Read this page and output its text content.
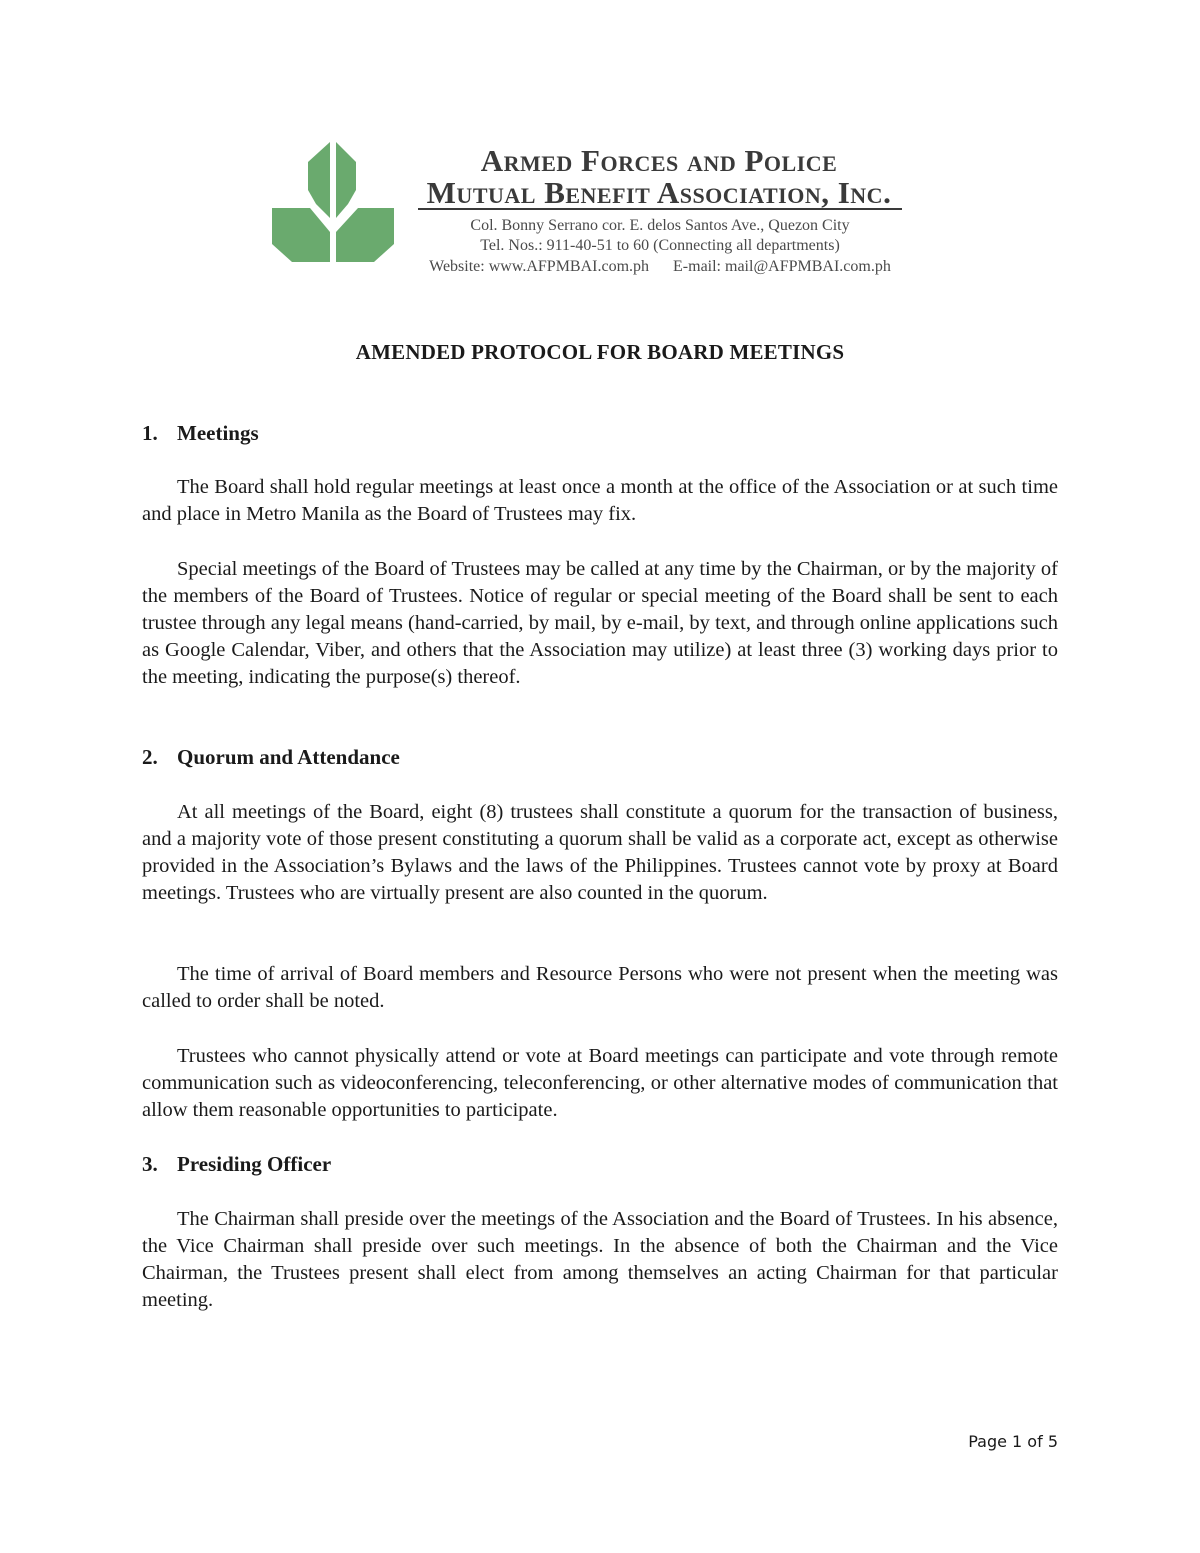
Armed Forces and Police
Mutual Benefit Association, Inc.
Col. Bonny Serrano cor. E. delos Santos Ave., Quezon City
Tel. Nos.: 911-40-51 to 60 (Connecting all departments)
Website: www.AFPMBAI.com.ph E-mail: mail@AFPMBAI.com.ph
AMENDED PROTOCOL FOR BOARD MEETINGS
1. Meetings

The Board shall hold regular meetings at least once a month at the office of the Association or at such time and place in Metro Manila as the Board of Trustees may fix.

Special meetings of the Board of Trustees may be called at any time by the Chairman, or by the majority of the members of the Board of Trustees. Notice of regular or special meeting of the Board shall be sent to each trustee through any legal means (hand-carried, by mail, by e-mail, by text, and through online applications such as Google Calendar, Viber, and others that the Association may utilize) at least three (3) working days prior to the meeting, indicating the purpose(s) thereof.

2. Quorum and Attendance

At all meetings of the Board, eight (8) trustees shall constitute a quorum for the transaction of business, and a majority vote of those present constituting a quorum shall be valid as a corporate act, except as otherwise provided in the Association’s Bylaws and the laws of the Philippines. Trustees cannot vote by proxy at Board meetings. Trustees who are virtually present are also counted in the quorum.

The time of arrival of Board members and Resource Persons who were not present when the meeting was called to order shall be noted.

Trustees who cannot physically attend or vote at Board meetings can participate and vote through remote communication such as videoconferencing, teleconferencing, or other alternative modes of communication that allow them reasonable opportunities to participate.

3. Presiding Officer

The Chairman shall preside over the meetings of the Association and the Board of Trustees. In his absence, the Vice Chairman shall preside over such meetings. In the absence of both the Chairman and the Vice Chairman, the Trustees present shall elect from among themselves an acting Chairman for that particular meeting.

Page 1 of 5
